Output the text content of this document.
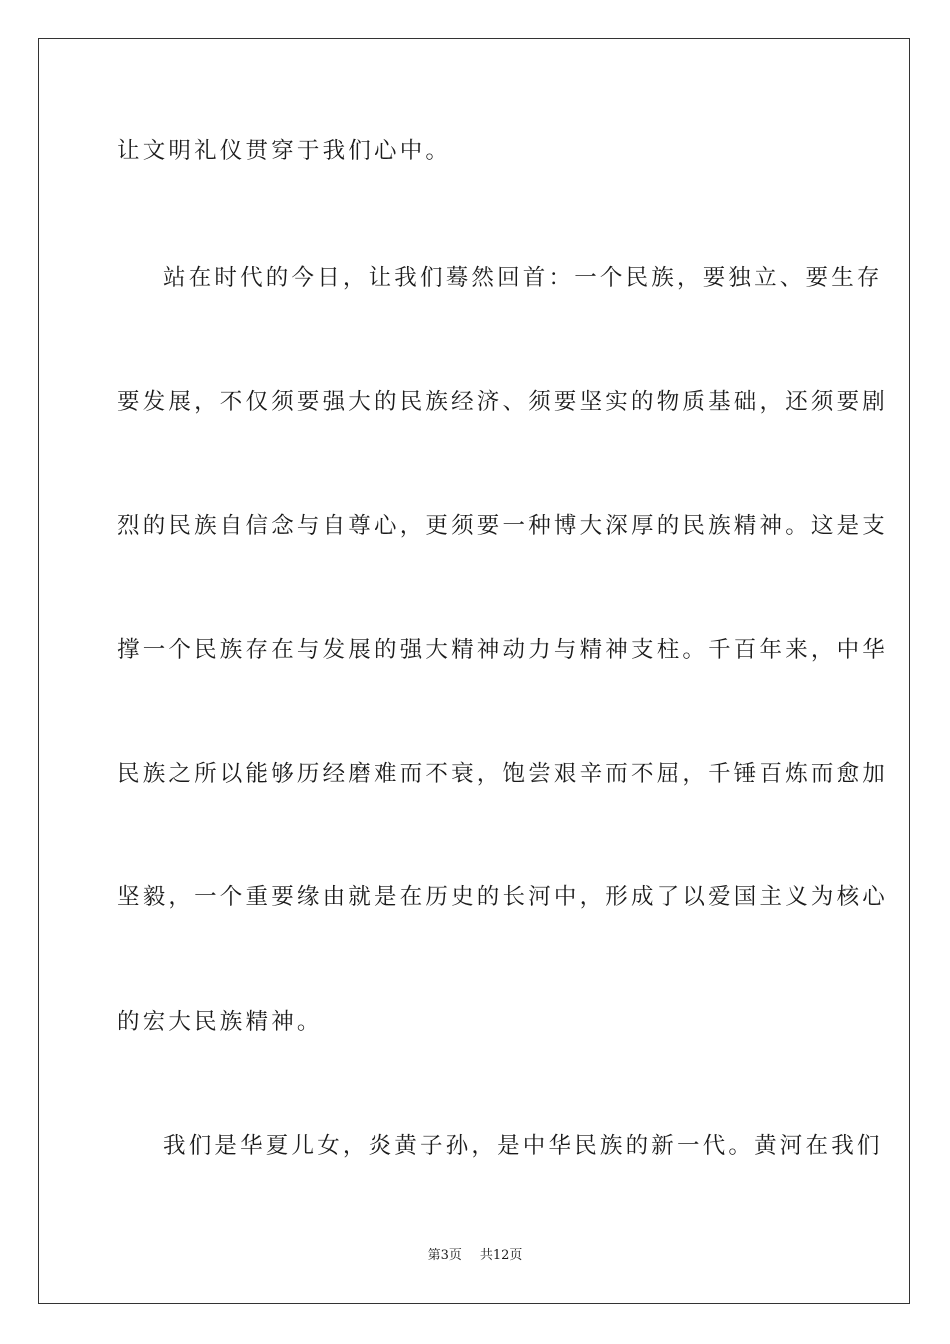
让文明礼仪贯穿于我们心中。
站在时代的今日，让我们蓦然回首：一个民族，要独立、要生存
要发展，不仅须要强大的民族经济、须要坚实的物质基础，还须要剧
烈的民族自信念与自尊心，更须要一种博大深厚的民族精神。这是支
撑一个民族存在与发展的强大精神动力与精神支柱。千百年来，中华
民族之所以能够历经磨难而不衰，饱尝艰辛而不屈，千锤百炼而愈加
坚毅，一个重要缘由就是在历史的长河中，形成了以爱国主义为核心
的宏大民族精神。
我们是华夏儿女，炎黄子孙，是中华民族的新一代。黄河在我们
第3页 共12页
